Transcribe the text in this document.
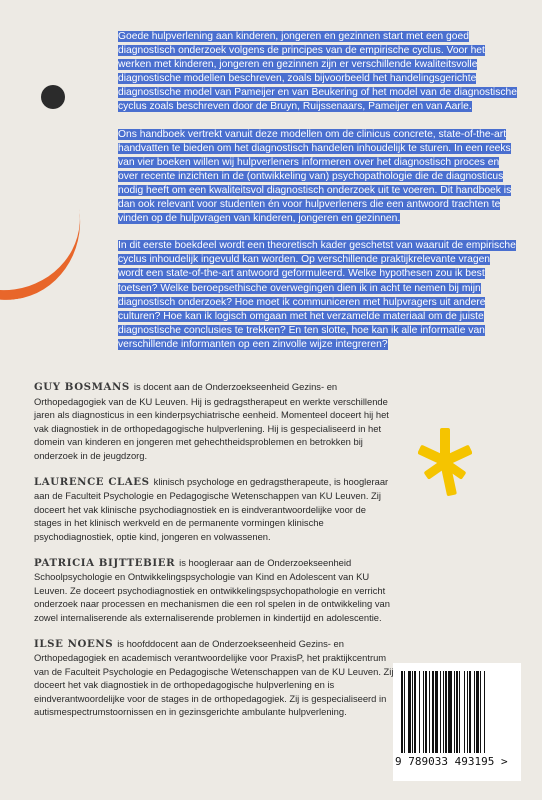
Goede hulpverlening aan kinderen, jongeren en gezinnen start met een goed diagnostisch onderzoek volgens de principes van de empirische cyclus. Voor het werken met kinderen, jongeren en gezinnen zijn er verschillende kwaliteitsvolle diagnostische modellen beschreven, zoals bijvoorbeeld het handelingsgerichte diagnostische model van Pameijer en van Beukering of het model van de diagnostische cyclus zoals beschreven door de Bruyn, Ruijssenaars, Pameijer en van Aarle.

Ons handboek vertrekt vanuit deze modellen om de clinicus concrete, state-of-the-art handvatten te bieden om het diagnostisch handelen inhoudelijk te sturen. In een reeks van vier boeken willen wij hulpverleners informeren over het diagnostisch proces en over recente inzichten in de (ontwikkeling van) psychopathologie die de diagnosticus nodig heeft om een kwaliteitsvol diagnostisch onderzoek uit te voeren. Dit handboek is dan ook relevant voor studenten én voor hulpverleners die een antwoord trachten te vinden op de hulpvragen van kinderen, jongeren en gezinnen.

In dit eerste boekdeel wordt een theoretisch kader geschetst van waaruit de empirische cyclus inhoudelijk ingevuld kan worden. Op verschillende praktijkrelevante vragen wordt een state-of-the-art antwoord geformuleerd. Welke hypothesen zou ik best toetsen? Welke beroepsethische overwegingen dien ik in acht te nemen bij mijn diagnostisch onderzoek? Hoe moet ik communiceren met hulpvragers uit andere culturen? Hoe kan ik logisch omgaan met het verzamelde materiaal om de juiste diagnostische conclusies te trekken? En ten slotte, hoe kan ik alle informatie van verschillende informanten op een zinvolle wijze integreren?

GUY BOSMANS is docent aan de Onderzoekseenheid Gezins- en Orthopedagogiek van de KU Leuven. Hij is gedragstherapeut en werkte verschillende jaren als diagnosticus in een kinderpsychiatrische eenheid. Momenteel doceert hij het vak diagnostiek in de orthopedagogische hulpverlening. Hij is gespecialiseerd in het domein van kinderen en jongeren met gehechtheidsproblemen en betrokken bij onderzoek in de jeugdzorg.

LAURENCE CLAES klinisch psychologe en gedragstherapeute, is hoogleraar aan de Faculteit Psychologie en Pedagogische Wetenschappen van KU Leuven. Zij doceert het vak klinische psychodiagnostiek en is eindverantwoordelijke voor de stages in het klinisch werkveld en de permanente vormingen klinische psychodiagnostiek, optie kind, jongeren en volwassenen.

PATRICIA BIJTTEBIER is hoogleraar aan de Onderzoekseenheid Schoolpsychologie en Ontwikkelingspsychologie van Kind en Adolescent van KU Leuven. Ze doceert psychodiagnostiek en ontwikkelingspsychopathologie en verricht onderzoek naar processen en mechanismen die een rol spelen in de ontwikkeling van zowel internaliserende als externaliserende problemen in kindertijd en adolescentie.

ILSE NOENS is hoofddocent aan de Onderzoekseenheid Gezins- en Orthopedagogiek en academisch verantwoordelijke voor PraxisP, het praktijkcentrum van de Faculteit Psychologie en Pedagogische Wetenschappen van de KU Leuven. Zij doceert het vak diagnostiek in de orthopedagogische hulpverlening en is eindverantwoordelijke voor de stages in de orthopedagogiek. Zij is gespecialiseerd in autismespectrumstoornissen en in gezinsgerichte ambulante hulpverlening.

9 789033 493195 >
